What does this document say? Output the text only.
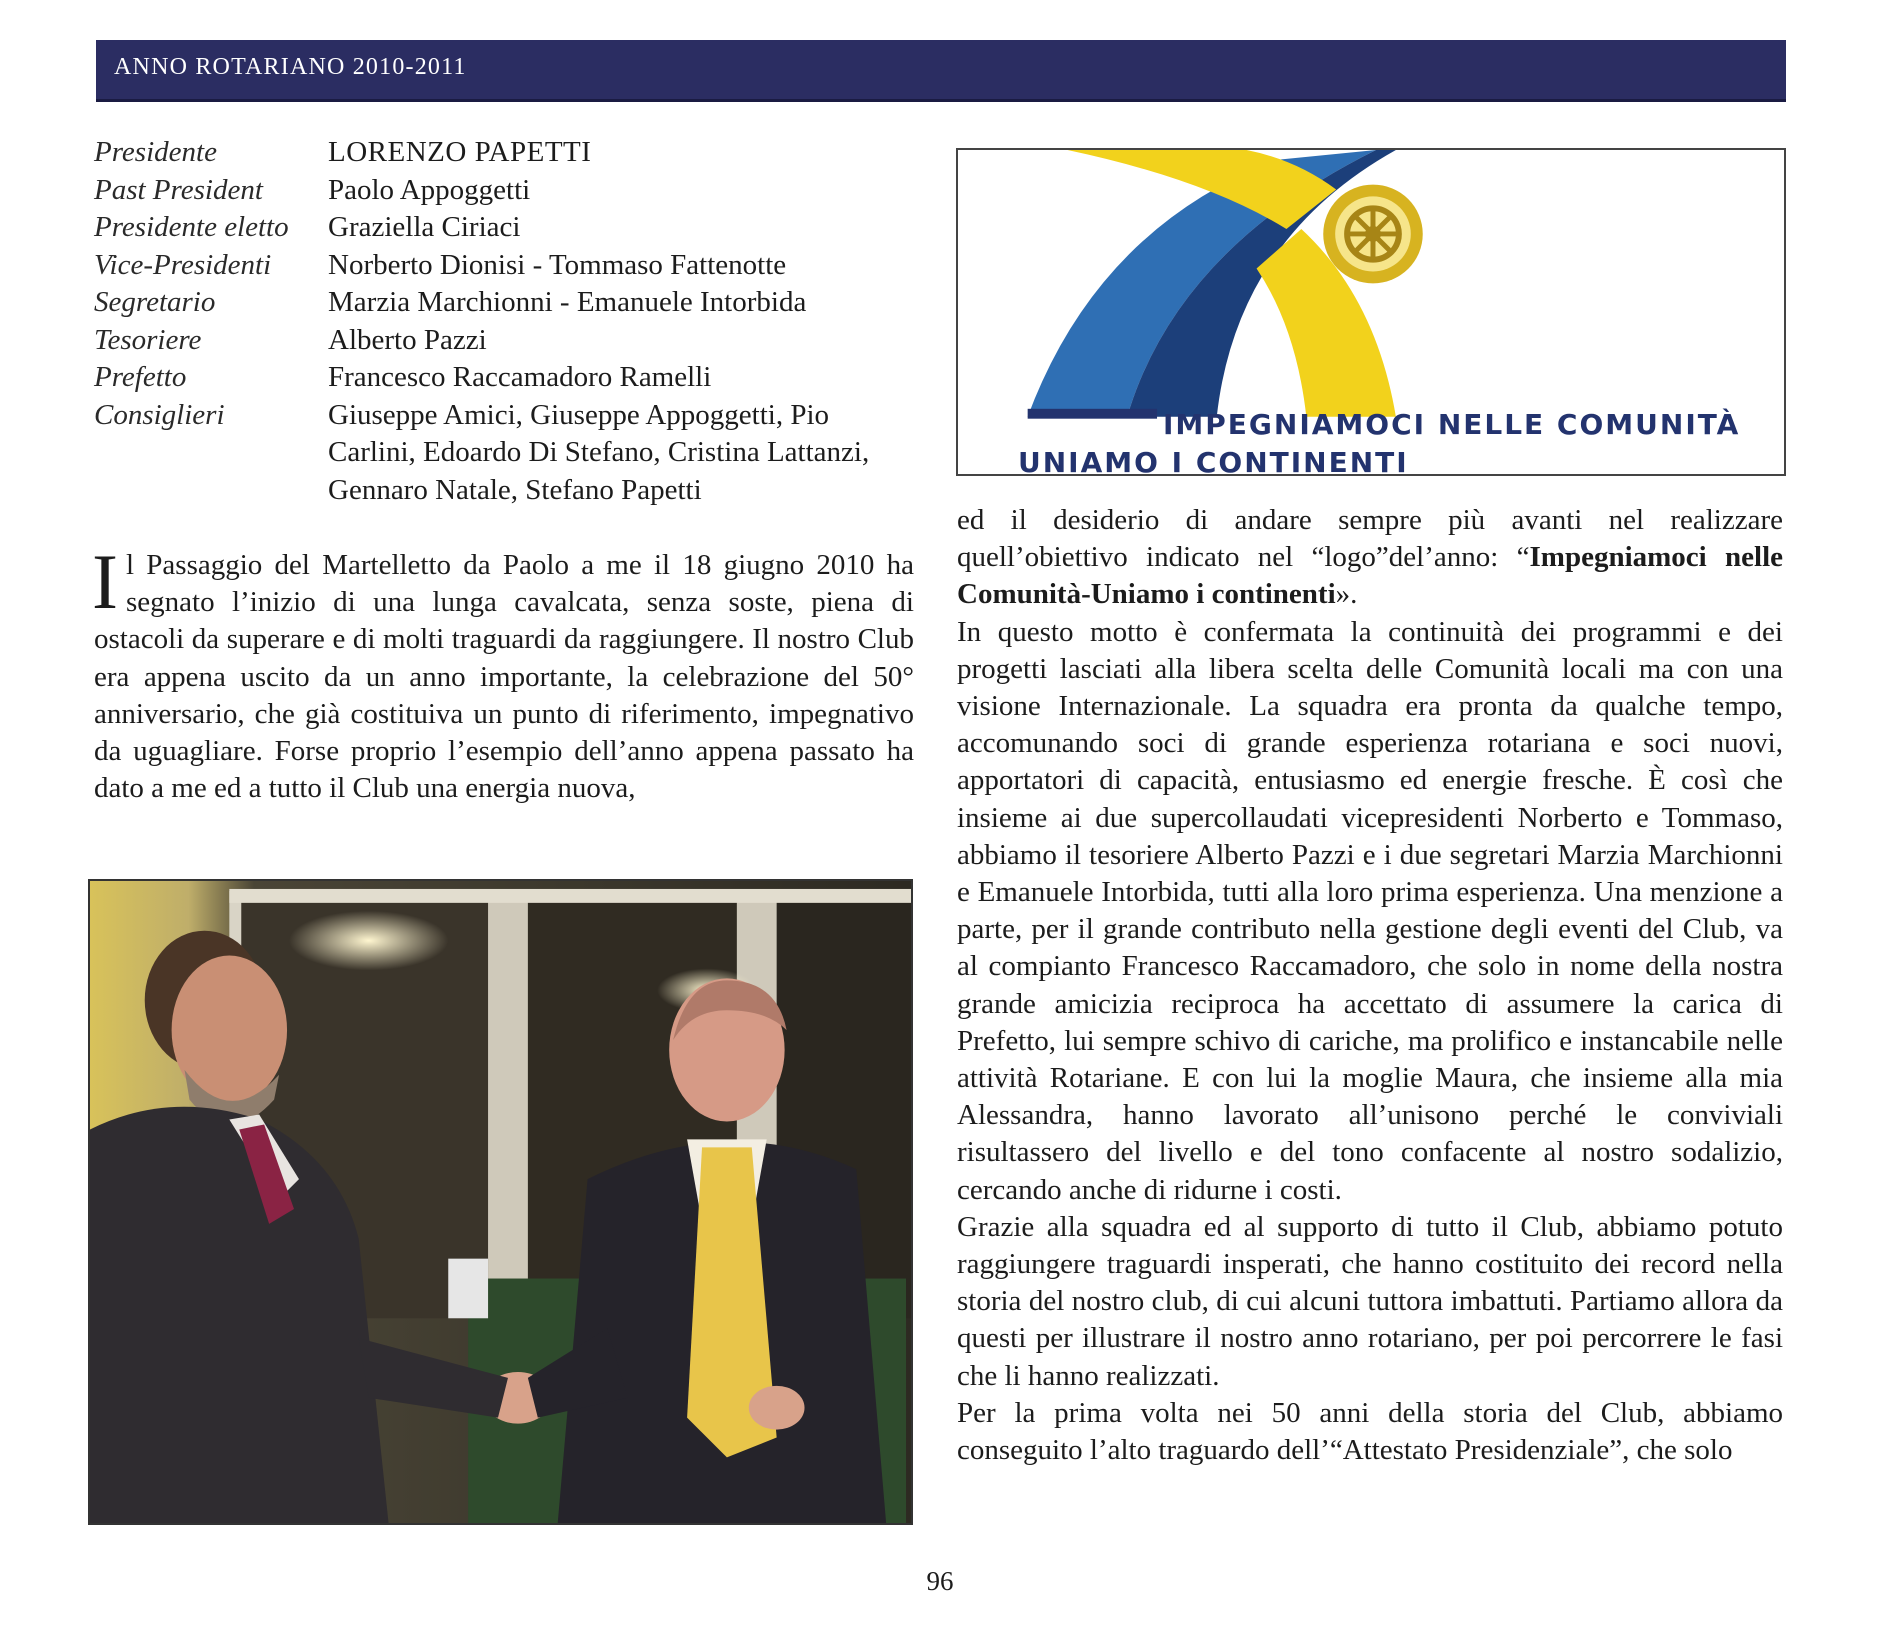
ANNO ROTARIANO 2010-2011
Presidente	LORENZO PAPETTI
Past President	Paolo Appoggetti
Presidente eletto	Graziella Ciriaci
Vice-Presidenti	Norberto Dionisi - Tommaso Fattenotte
Segretario	Marzia Marchionni - Emanuele Intorbida
Tesoriere	Alberto Pazzi
Prefetto	Francesco Raccamadoro Ramelli
Consiglieri	Giuseppe Amici, Giuseppe Appoggetti, Pio Carlini, Edoardo Di Stefano, Cristina Lattanzi, Gennaro Natale, Stefano Papetti
Il Passaggio del Martelletto da Paolo a me il 18 giugno 2010 ha segnato l’inizio di una lunga cavalcata, senza soste, piena di ostacoli da superare e di molti traguardi da raggiungere. Il nostro Club era appena uscito da un anno importante, la celebrazione del 50° anniversario, che già costituiva un punto di riferimento, impegnativo da uguagliare. Forse proprio l’esempio dell’anno appena passato ha dato a me ed a tutto il Club una energia nuova,
IMPEGNIAMOCI NELLE COMUNITÀ
UNIAMO I CONTINENTI

ed il desiderio di andare sempre più avanti nel realizzare quell’obiettivo indicato nel “logo”del’anno: “Impegniamoci nelle Comunità-Uniamo i continenti».

In questo motto è confermata la continuità dei programmi e dei progetti lasciati alla libera scelta delle Comunità locali ma con una visione Internazionale. La squadra era pronta da qualche tempo, accomunando soci di grande esperienza rotariana e soci nuovi, apportatori di capacità, entusiasmo ed energie fresche. È così che insieme ai due supercollaudati vicepresidenti Norberto e Tommaso, abbiamo il tesoriere Alberto Pazzi e i due segretari Marzia Marchionni e Emanuele Intorbida, tutti alla loro prima esperienza. Una menzione a parte, per il grande contributo nella gestione degli eventi del Club, va al compianto Francesco Raccamadoro, che solo in nome della nostra grande amicizia reciproca ha accettato di assumere la carica di Prefetto, lui sempre schivo di cariche, ma prolifico e instancabile nelle attività Rotariane. E con lui la moglie Maura, che insieme alla mia Alessandra, hanno lavorato all’unisono perché le conviviali risultassero del livello e del tono confacente al nostro sodalizio, cercando anche di ridurne i costi.

Grazie alla squadra ed al supporto di tutto il Club, abbiamo potuto raggiungere traguardi insperati, che hanno costituito dei record nella storia del nostro club, di cui alcuni tuttora imbattuti. Partiamo allora da questi per illustrare il nostro anno rotariano, per poi percorrere le fasi che li hanno realizzati.

Per la prima volta nei 50 anni della storia del Club, abbiamo conseguito l’alto traguardo dell’“Attestato Presidenziale”, che solo

96
